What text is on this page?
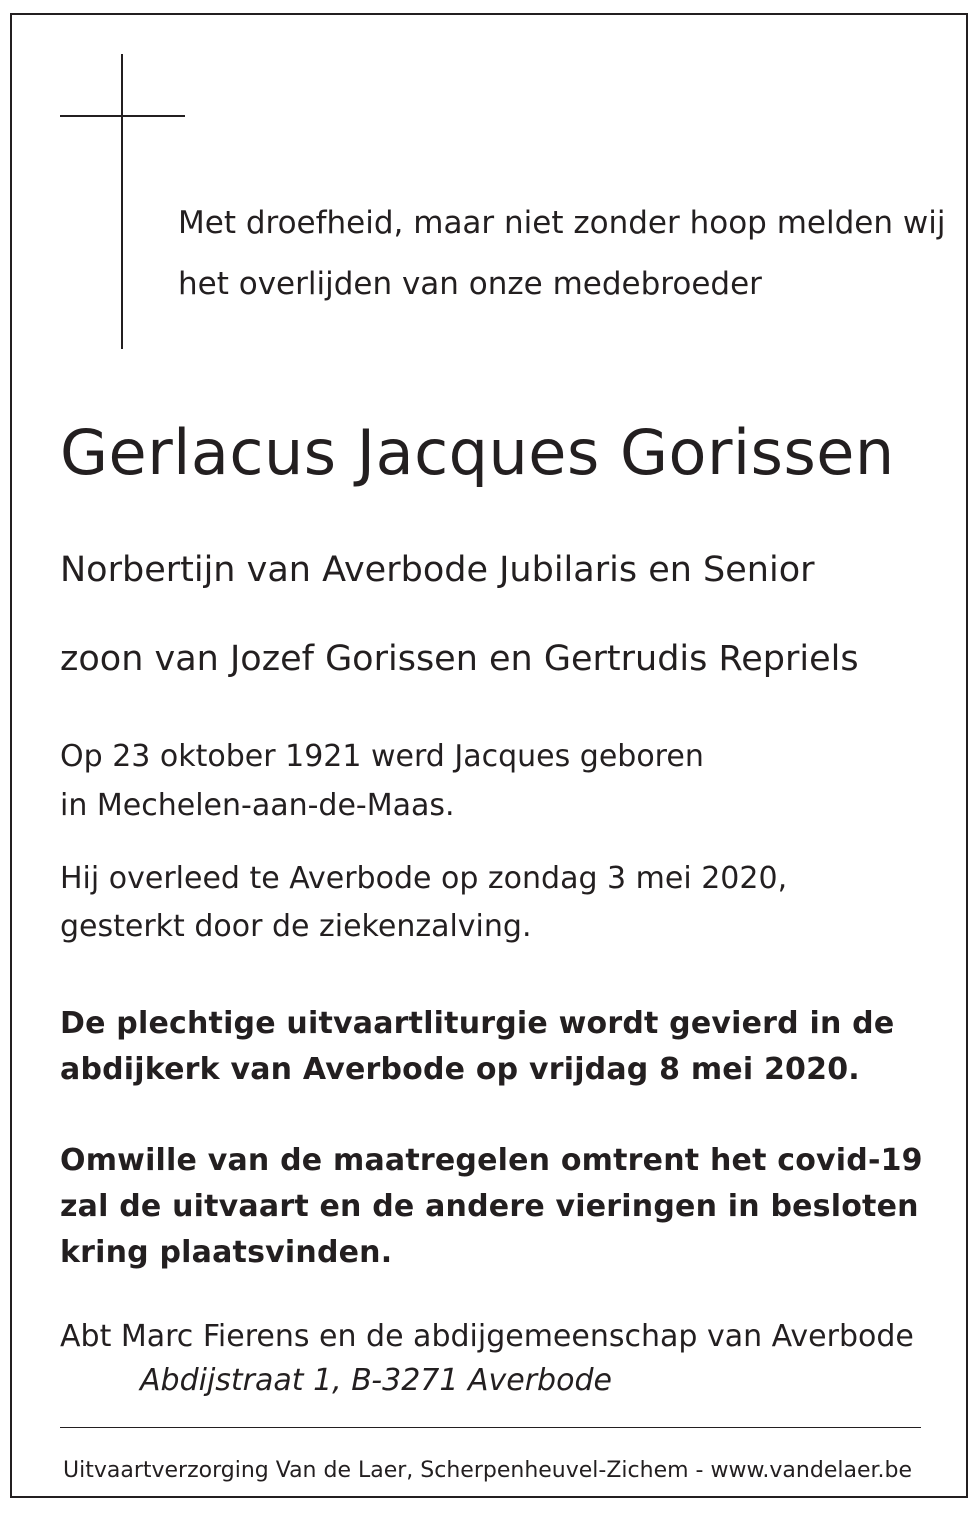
Met droefheid, maar niet zonder hoop melden wij

het overlijden van onze medebroeder

Gerlacus Jacques Gorissen

Norbertijn van Averbode Jubilaris en Senior

zoon van Jozef Gorissen en Gertrudis Repriels

Op 23 oktober 1921 werd Jacques geboren

in Mechelen-aan-de-Maas.

Hij overleed te Averbode op zondag 3 mei 2020,

gesterkt door de ziekenzalving.

De plechtige uitvaartliturgie wordt gevierd in de

abdijkerk van Averbode op vrijdag 8 mei 2020.

Omwille van de maatregelen omtrent het covid-19

zal de uitvaart en de andere vieringen in besloten

kring plaatsvinden.

Abt Marc Fierens en de abdijgemeenschap van Averbode

Abdijstraat 1, B-3271 Averbode

Uitvaartverzorging Van de Laer, Scherpenheuvel-Zichem - www.vandelaer.be
